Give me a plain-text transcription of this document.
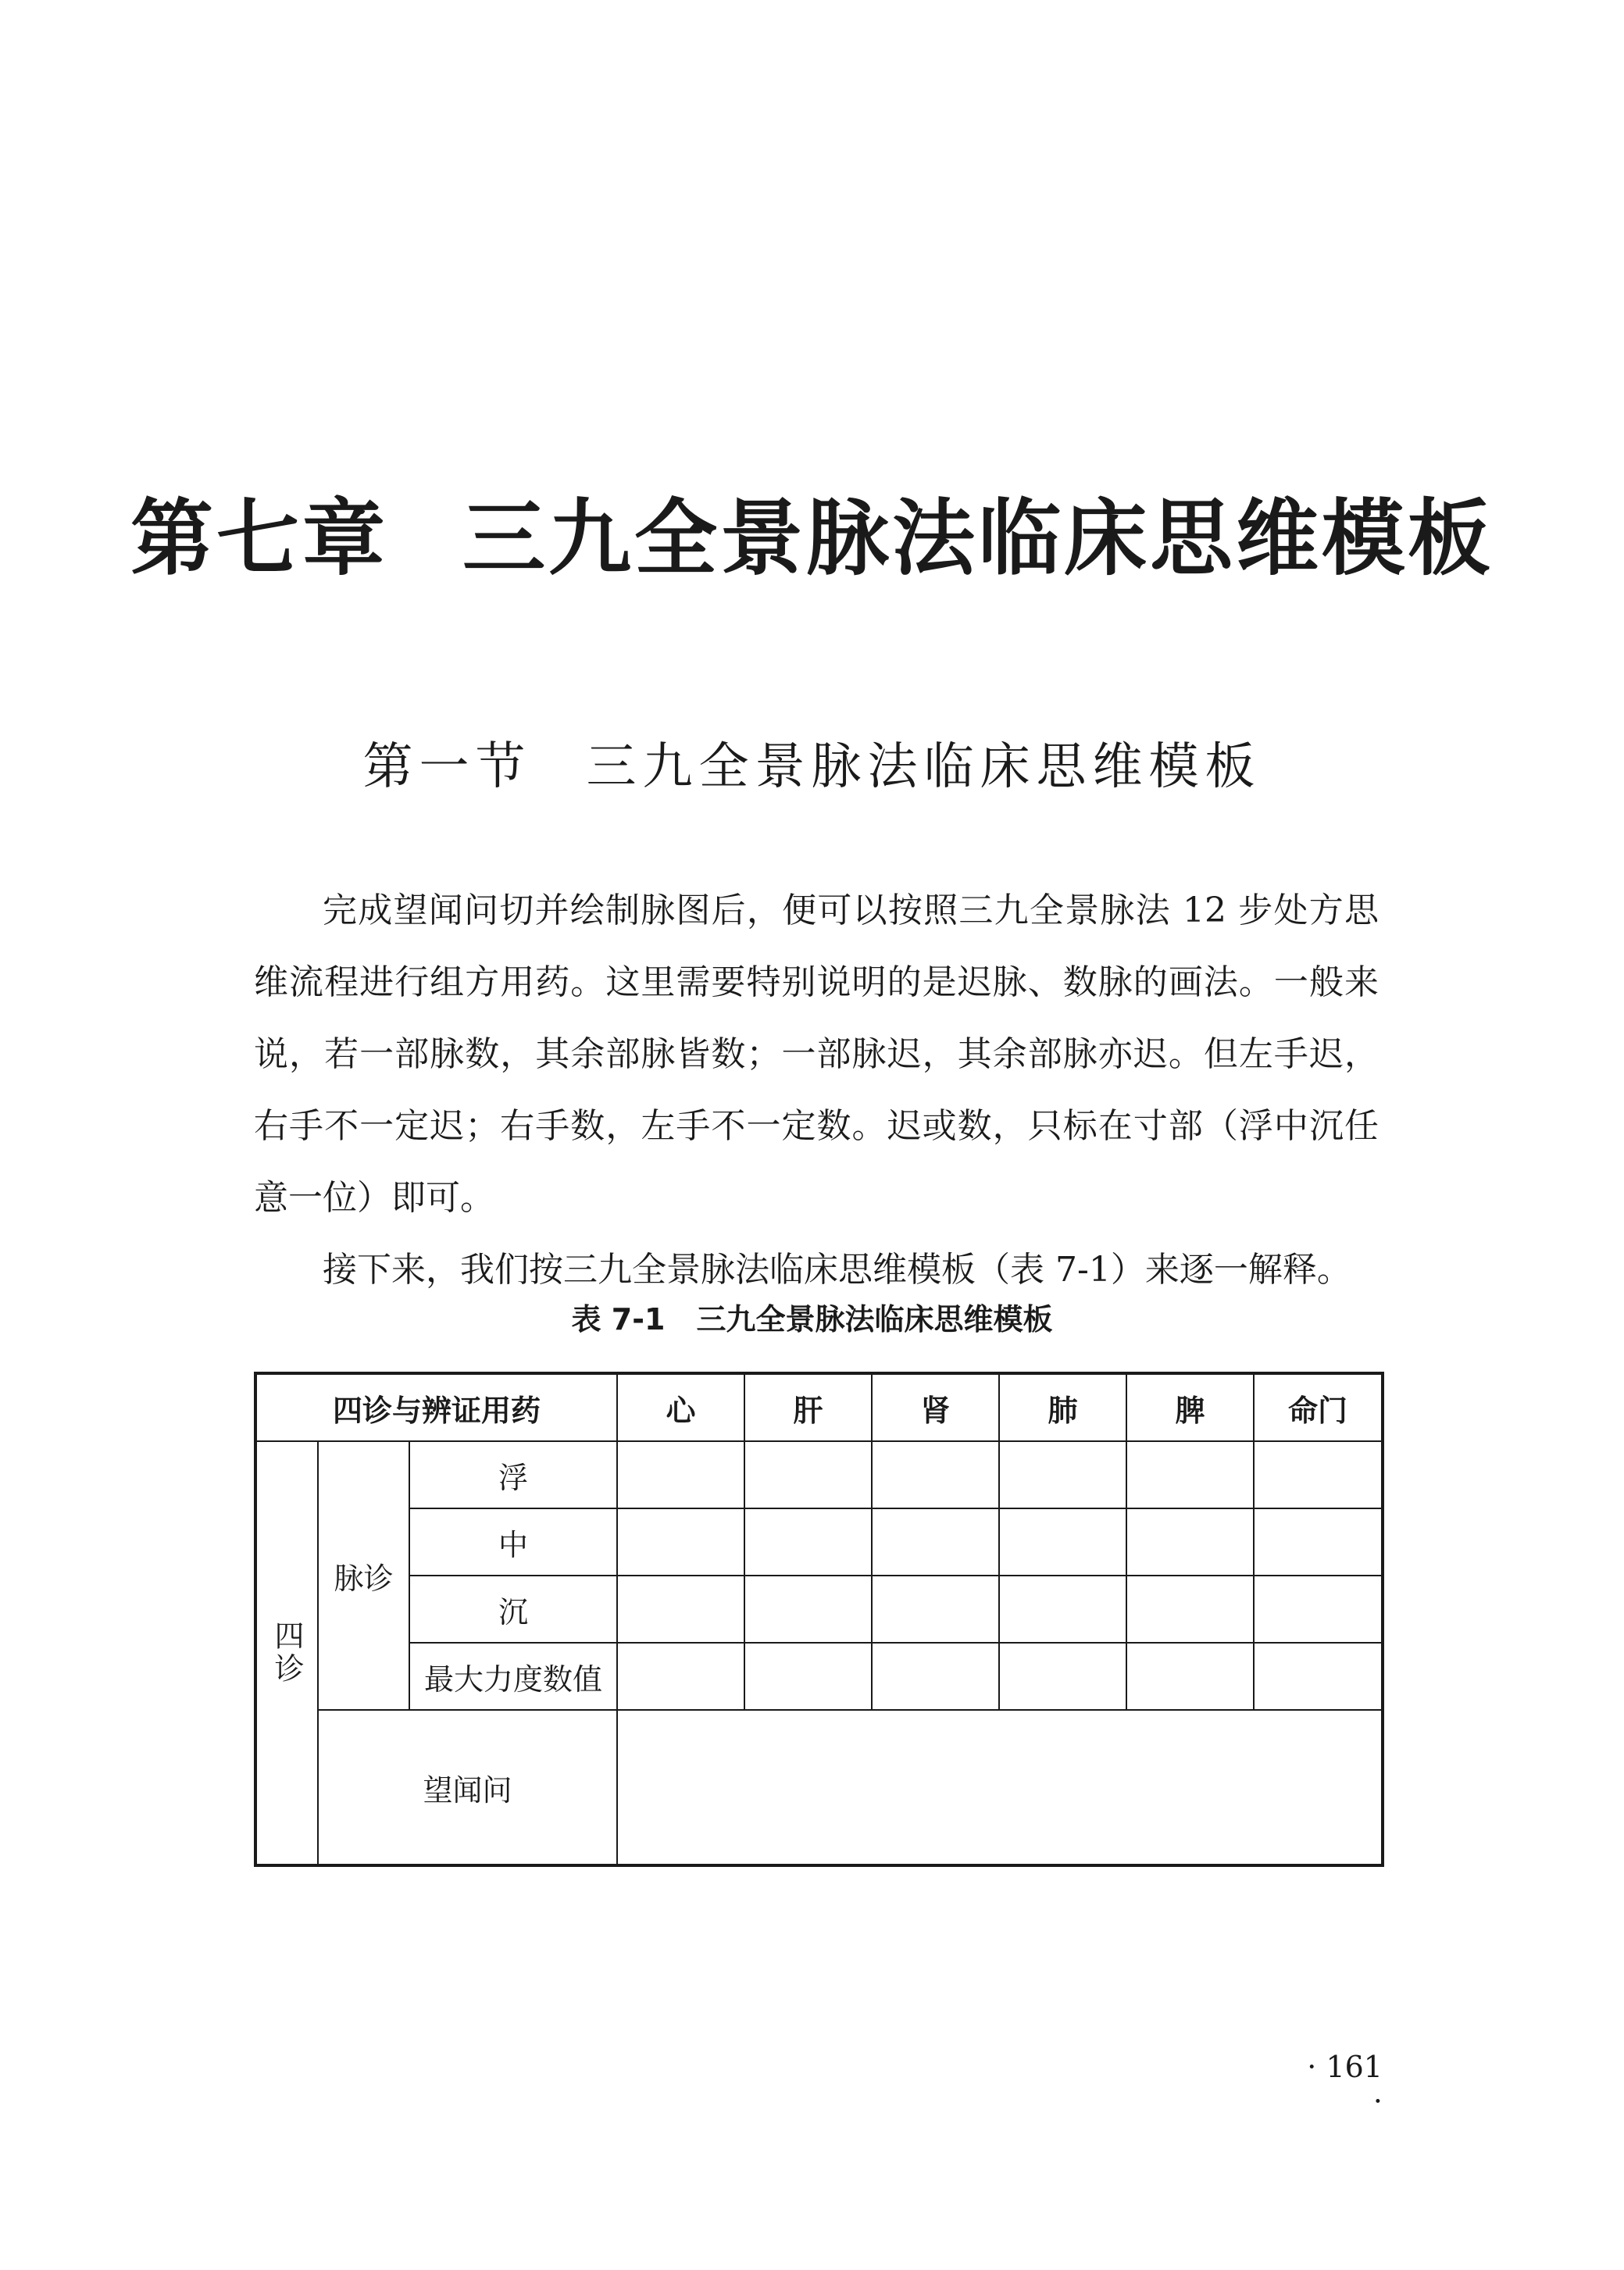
第七章 三九全景脉法临床思维模板
第一节 三九全景脉法临床思维模板

完成望闻问切并绘制脉图后，便可以按照三九全景脉法 12 步处方思维流程进行组方用药。这里需要特别说明的是迟脉、数脉的画法。一般来说，若一部脉数，其余部脉皆数；一部脉迟，其余部脉亦迟。但左手迟，右手不一定迟；右手数，左手不一定数。迟或数，只标在寸部（浮中沉任意一位）即可。

接下来，我们按三九全景脉法临床思维模板（表 7-1）来逐一解释。

表 7-1 三九全景脉法临床思维模板
四诊与辨证用药			心	肝	肾	肺	脾	命门

四诊	脉诊	浮						
		中						
		沉						
		最大力度数值						
	望闻问							
· 161 ·
